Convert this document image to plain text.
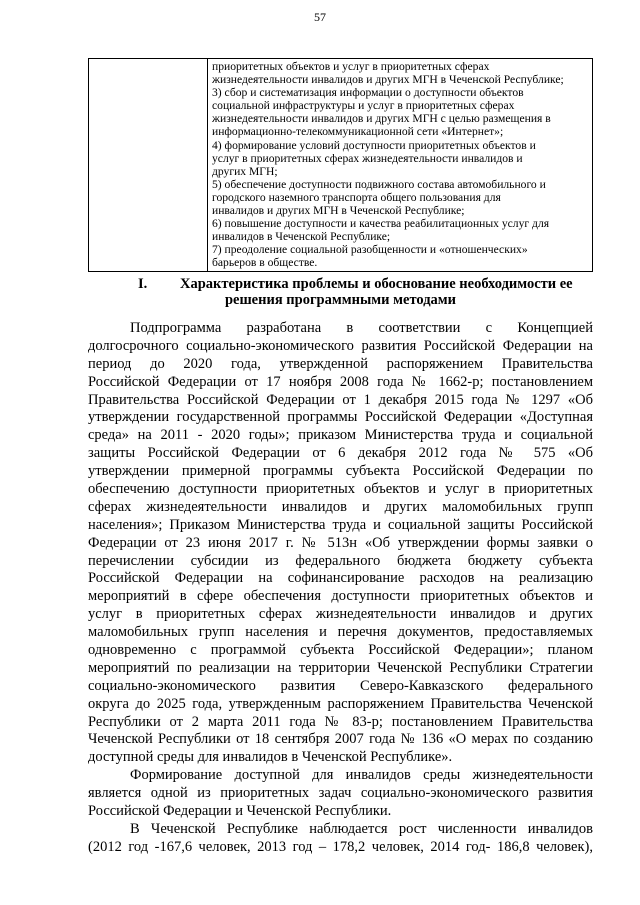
57

приоритетных объектов и услуг в приоритетных сферах
жизнедеятельности инвалидов и других МГН в Чеченской Республике;
3) сбор и систематизация информации о доступности объектов
социальной инфраструктуры и услуг в приоритетных сферах
жизнедеятельности инвалидов и других МГН с целью размещения в
информационно-телекоммуникационной сети «Интернет»;
4) формирование условий доступности приоритетных объектов и
услуг в приоритетных сферах жизнедеятельности инвалидов и
других МГН;
5) обеспечение доступности подвижного состава автомобильного и
городского наземного транспорта общего пользования для
инвалидов и других МГН в Чеченской Республике;
6) повышение доступности и качества реабилитационных услуг для
инвалидов в Чеченской Республике;
7) преодоление социальной разобщенности и «отношенческих»
барьеров в обществе.
I. Характеристика проблемы и обоснование необходимости ее
решения программными методами
Подпрограмма разработана в соответствии с Концепцией
долгосрочного социально-экономического развития Российской Федерации на
период до 2020 года, утвержденной распоряжением Правительства
Российской Федерации от 17 ноября 2008 года № 1662-р; постановлением
Правительства Российской Федерации от 1 декабря 2015 года № 1297 «Об
утверждении государственной программы Российской Федерации «Доступная
среда» на 2011 - 2020 годы»; приказом Министерства труда и социальной
защиты Российской Федерации от 6 декабря 2012 года № 575 «Об
утверждении примерной программы субъекта Российской Федерации по
обеспечению доступности приоритетных объектов и услуг в приоритетных
сферах жизнедеятельности инвалидов и других маломобильных групп
населения»; Приказом Министерства труда и социальной защиты Российской
Федерации от 23 июня 2017 г. № 513н «Об утверждении формы заявки о
перечислении субсидии из федерального бюджета бюджету субъекта
Российской Федерации на софинансирование расходов на реализацию
мероприятий в сфере обеспечения доступности приоритетных объектов и
услуг в приоритетных сферах жизнедеятельности инвалидов и других
маломобильных групп населения и перечня документов, предоставляемых
одновременно с программой субъекта Российской Федерации»; планом
мероприятий по реализации на территории Чеченской Республики Стратегии
социально-экономического развития Северо-Кавказского федерального
округа до 2025 года, утвержденным распоряжением Правительства Чеченской
Республики от 2 марта 2011 года № 83-р; постановлением Правительства
Чеченской Республики от 18 сентября 2007 года № 136 «О мерах по созданию
доступной среды для инвалидов в Чеченской Республике».
Формирование доступной для инвалидов среды жизнедеятельности
является одной из приоритетных задач социально-экономического развития
Российской Федерации и Чеченской Республики.
В Чеченской Республике наблюдается рост численности инвалидов
(2012 год -167,6 человек, 2013 год – 178,2 человек, 2014 год- 186,8 человек),
